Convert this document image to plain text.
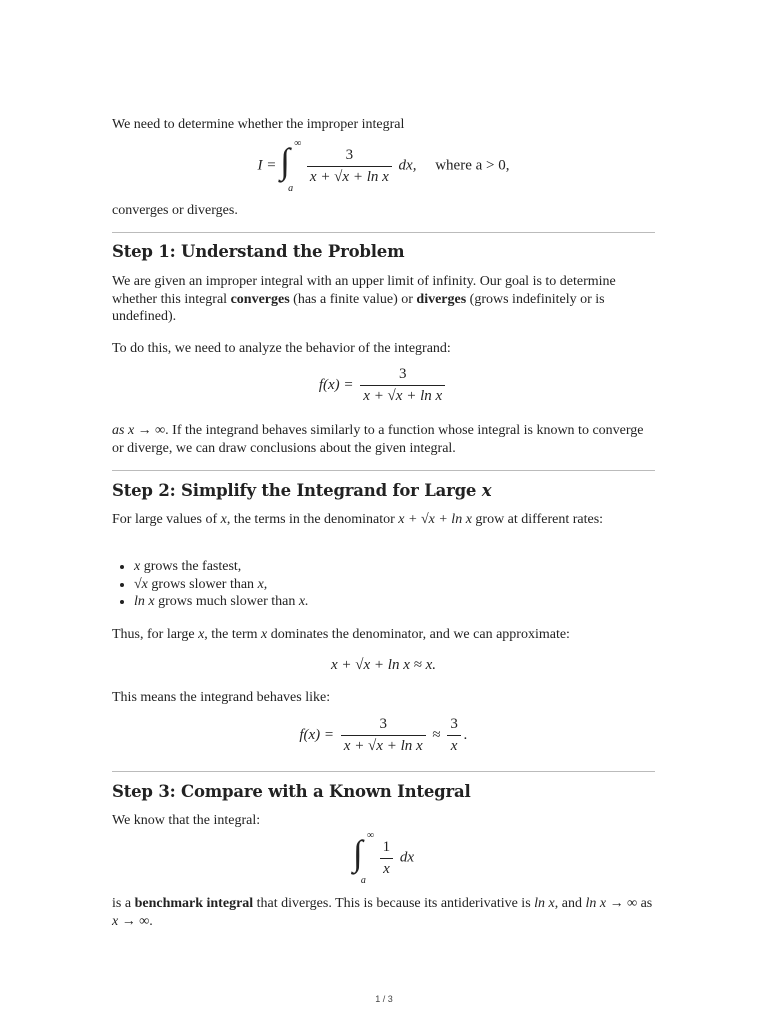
We need to determine whether the improper integral

I = ∫ ∞
a

$\frac{3}{\text{x + √x + ln x}}$ dx, where a > 0,

converges or diverges.

Step 1: Understand the Problem

We are given an improper integral with an upper limit of infinity. Our goal is to determine whether this integral converges (has a finite value) or diverges (grows indefinitely or is undefined).

To do this, we need to analyze the behavior of the integrand:

$f(x) = \frac{3}{\text{x + √x + ln x}}$

as x → ∞. If the integrand behaves similarly to a function whose integral is known to converge or diverge, we can draw conclusions about the given integral.

Step 2: Simplify the Integrand for Large x

For large values of x, the terms in the denominator x + √x + ln x grow at different rates:

• x grows the fastest,
• √x grows slower than x,
• ln x grows much slower than x.

Thus, for large x, the term x dominates the denominator, and we can approximate:

x + √x + ln x ≈ x.

This means the integrand behaves like:

$f(x) = \frac{3}{\text{x + √x + ln x}} \approx \frac{3}{x}$ .
Step 3: Compare with a Known Integral

We know that the integral:

∫ ∞
a

$\frac{1}{x}$ dx

is a benchmark integral that diverges. This is because its antiderivative is ln x, and ln x → ∞ as x → ∞.

1 / 3
